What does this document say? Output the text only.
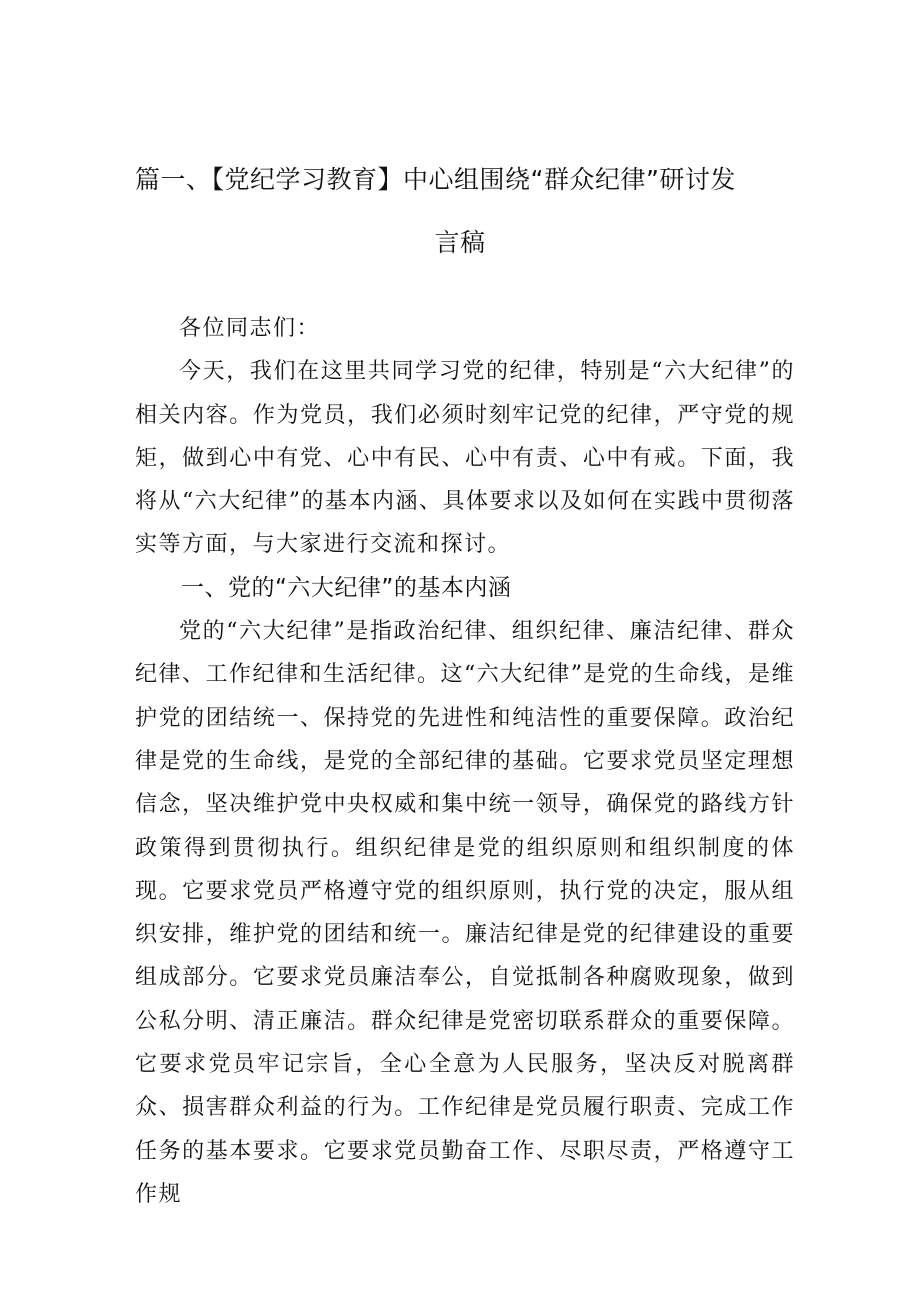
篇一、【党纪学习教育】中心组围绕“群众纪律”研讨发
言稿

各位同志们：

今天，我们在这里共同学习党的纪律，特别是“六大纪律”的相关内容。作为党员，我们必须时刻牢记党的纪律，严守党的规矩，做到心中有党、心中有民、心中有责、心中有戒。下面，我将从“六大纪律”的基本内涵、具体要求以及如何在实践中贯彻落实等方面，与大家进行交流和探讨。

一、党的“六大纪律”的基本内涵

党的“六大纪律”是指政治纪律、组织纪律、廉洁纪律、群众纪律、工作纪律和生活纪律。这“六大纪律”是党的生命线，是维护党的团结统一、保持党的先进性和纯洁性的重要保障。政治纪律是党的生命线，是党的全部纪律的基础。它要求党员坚定理想信念，坚决维护党中央权威和集中统一领导，确保党的路线方针政策得到贯彻执行。组织纪律是党的组织原则和组织制度的体现。它要求党员严格遵守党的组织原则，执行党的决定，服从组织安排，维护党的团结和统一。廉洁纪律是党的纪律建设的重要组成部分。它要求党员廉洁奉公，自觉抵制各种腐败现象，做到公私分明、清正廉洁。群众纪律是党密切联系群众的重要保障。它要求党员牢记宗旨，全心全意为人民服务，坚决反对脱离群众、损害群众利益的行为。工作纪律是党员履行职责、完成工作任务的基本要求。它要求党员勤奋工作、尽职尽责，严格遵守工作规
